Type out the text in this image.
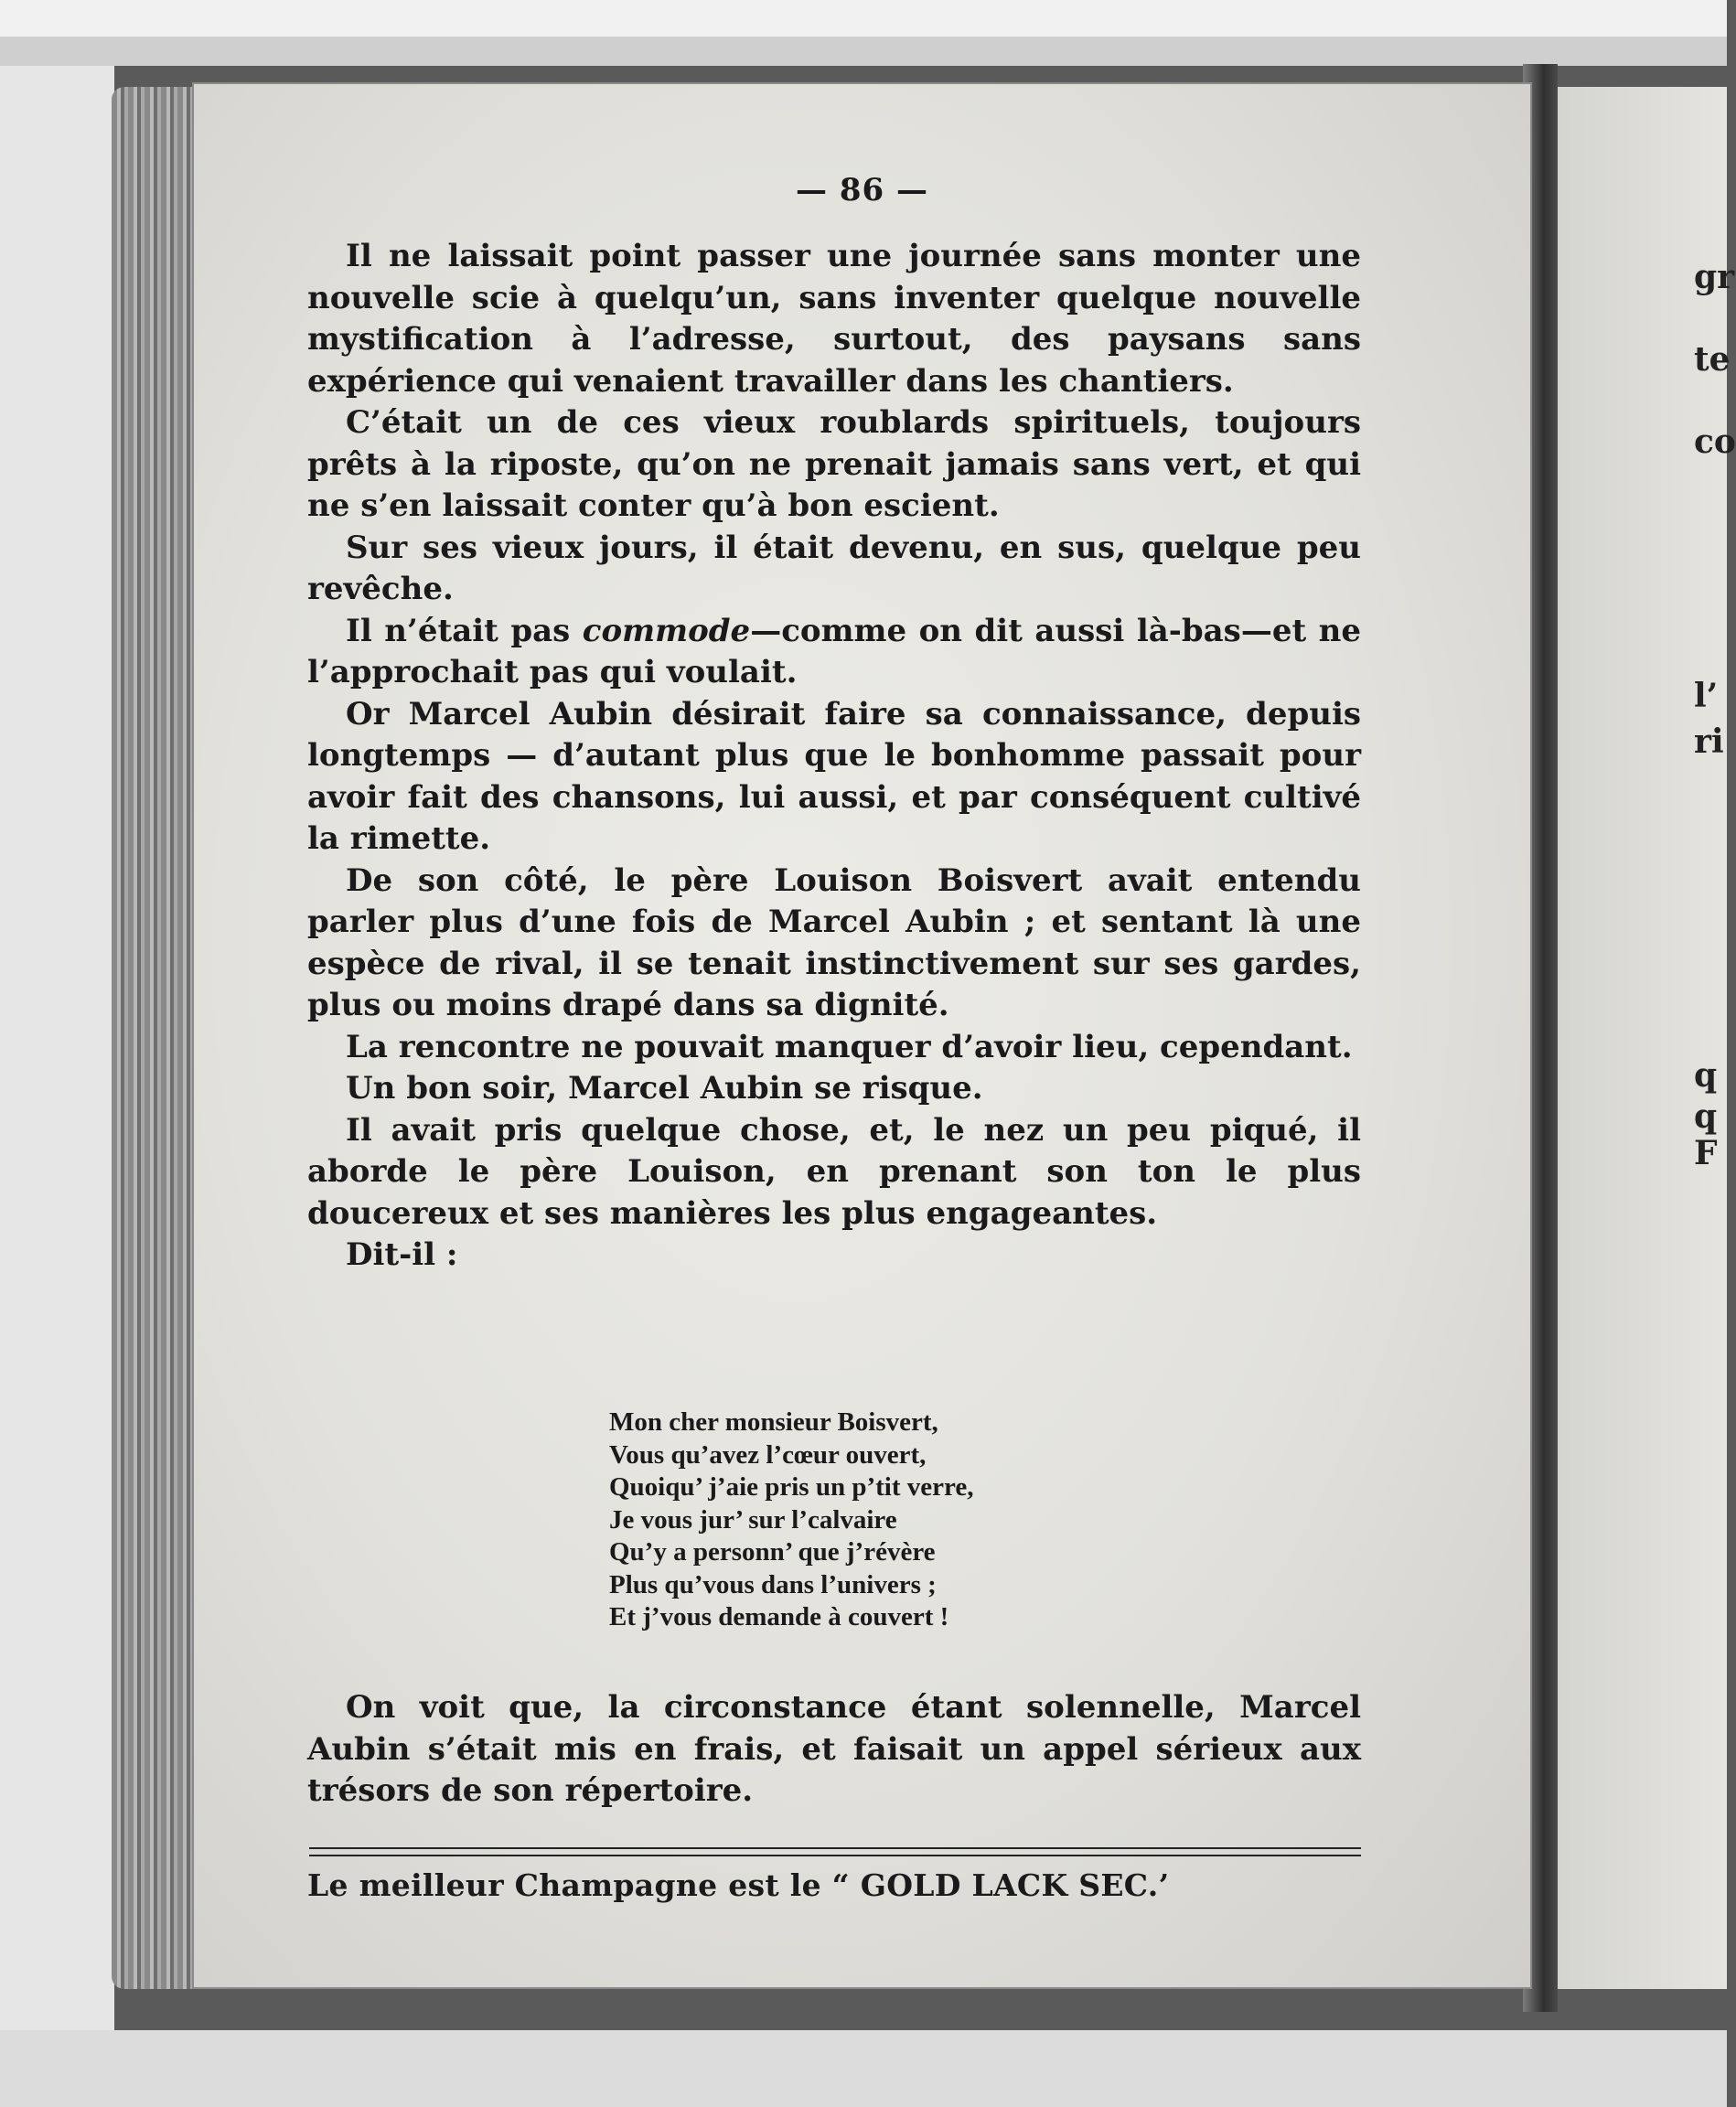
gr
te
co
l’
ri
q
q
F
— 86 —

Il ne laissait point passer une journée sans monter une nouvelle scie à quelqu’un, sans inventer quelque nouvelle mystification à l’adresse, surtout, des paysans sans expérience qui venaient travailler dans les chantiers.

C’était un de ces vieux roublards spirituels, toujours prêts à la riposte, qu’on ne prenait jamais sans vert, et qui ne s’en laissait conter qu’à bon escient.

Sur ses vieux jours, il était devenu, en sus, quelque peu revêche.

Il n’était pas commode—comme on dit aussi là-bas—et ne l’approchait pas qui voulait.

Or Marcel Aubin désirait faire sa connaissance, depuis longtemps — d’autant plus que le bonhomme passait pour avoir fait des chansons, lui aussi, et par conséquent cultivé la rimette.

De son côté, le père Louison Boisvert avait entendu parler plus d’une fois de Marcel Aubin ; et sentant là une espèce de rival, il se tenait instinctivement sur ses gardes, plus ou moins drapé dans sa dignité.

La rencontre ne pouvait manquer d’avoir lieu, cependant.

Un bon soir, Marcel Aubin se risque.

Il avait pris quelque chose, et, le nez un peu piqué, il aborde le père Louison, en prenant son ton le plus doucereux et ses manières les plus engageantes.

Dit-il :

Mon cher monsieur Boisvert,
Vous qu’avez l’cœur ouvert,
Quoiqu’ j’aie pris un p’tit verre,
Je vous jur’ sur l’calvaire
Qu’y a personn’ que j’révère
Plus qu’vous dans l’univers ;
Et j’vous demande à couvert !

On voit que, la circonstance étant solennelle, Marcel Aubin s’était mis en frais, et faisait un appel sérieux aux trésors de son répertoire.

Le meilleur Champagne est le “ GOLD LACK SEC.’
